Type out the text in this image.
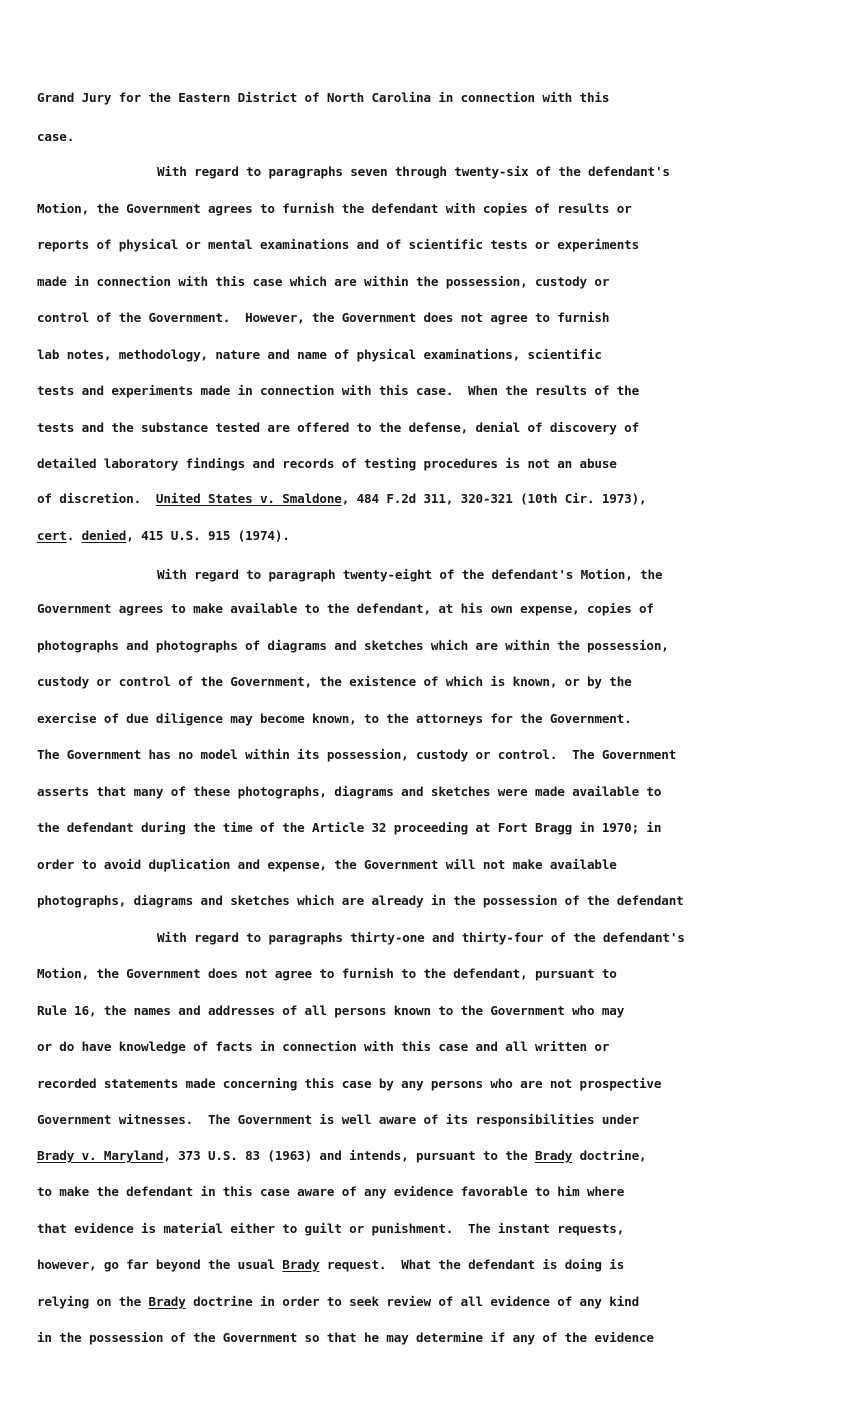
Grand Jury for the Eastern District of North Carolina in connection with this
case.
With regard to paragraphs seven through twenty-six of the defendant's
Motion, the Government agrees to furnish the defendant with copies of results or
reports of physical or mental examinations and of scientific tests or experiments
made in connection with this case which are within the possession, custody or
control of the Government.  However, the Government does not agree to furnish
lab notes, methodology, nature and name of physical examinations, scientific
tests and experiments made in connection with this case.  When the results of the
tests and the substance tested are offered to the defense, denial of discovery of
detailed laboratory findings and records of testing procedures is not an abuse
of discretion.  United States v. Smaldone, 484 F.2d 311, 320-321 (10th Cir. 1973),
cert. denied, 415 U.S. 915 (1974).
With regard to paragraph twenty-eight of the defendant's Motion, the
Government agrees to make available to the defendant, at his own expense, copies of
photographs and photographs of diagrams and sketches which are within the possession,
custody or control of the Government, the existence of which is known, or by the
exercise of due diligence may become known, to the attorneys for the Government.
The Government has no model within its possession, custody or control.  The Government
asserts that many of these photographs, diagrams and sketches were made available to
the defendant during the time of the Article 32 proceeding at Fort Bragg in 1970; in
order to avoid duplication and expense, the Government will not make available
photographs, diagrams and sketches which are already in the possession of the defendant
With regard to paragraphs thirty-one and thirty-four of the defendant's
Motion, the Government does not agree to furnish to the defendant, pursuant to
Rule 16, the names and addresses of all persons known to the Government who may
or do have knowledge of facts in connection with this case and all written or
recorded statements made concerning this case by any persons who are not prospective
Government witnesses.  The Government is well aware of its responsibilities under
Brady v. Maryland, 373 U.S. 83 (1963) and intends, pursuant to the Brady doctrine,
to make the defendant in this case aware of any evidence favorable to him where
that evidence is material either to guilt or punishment.  The instant requests,
however, go far beyond the usual Brady request.  What the defendant is doing is
relying on the Brady doctrine in order to seek review of all evidence of any kind
in the possession of the Government so that he may determine if any of the evidence
